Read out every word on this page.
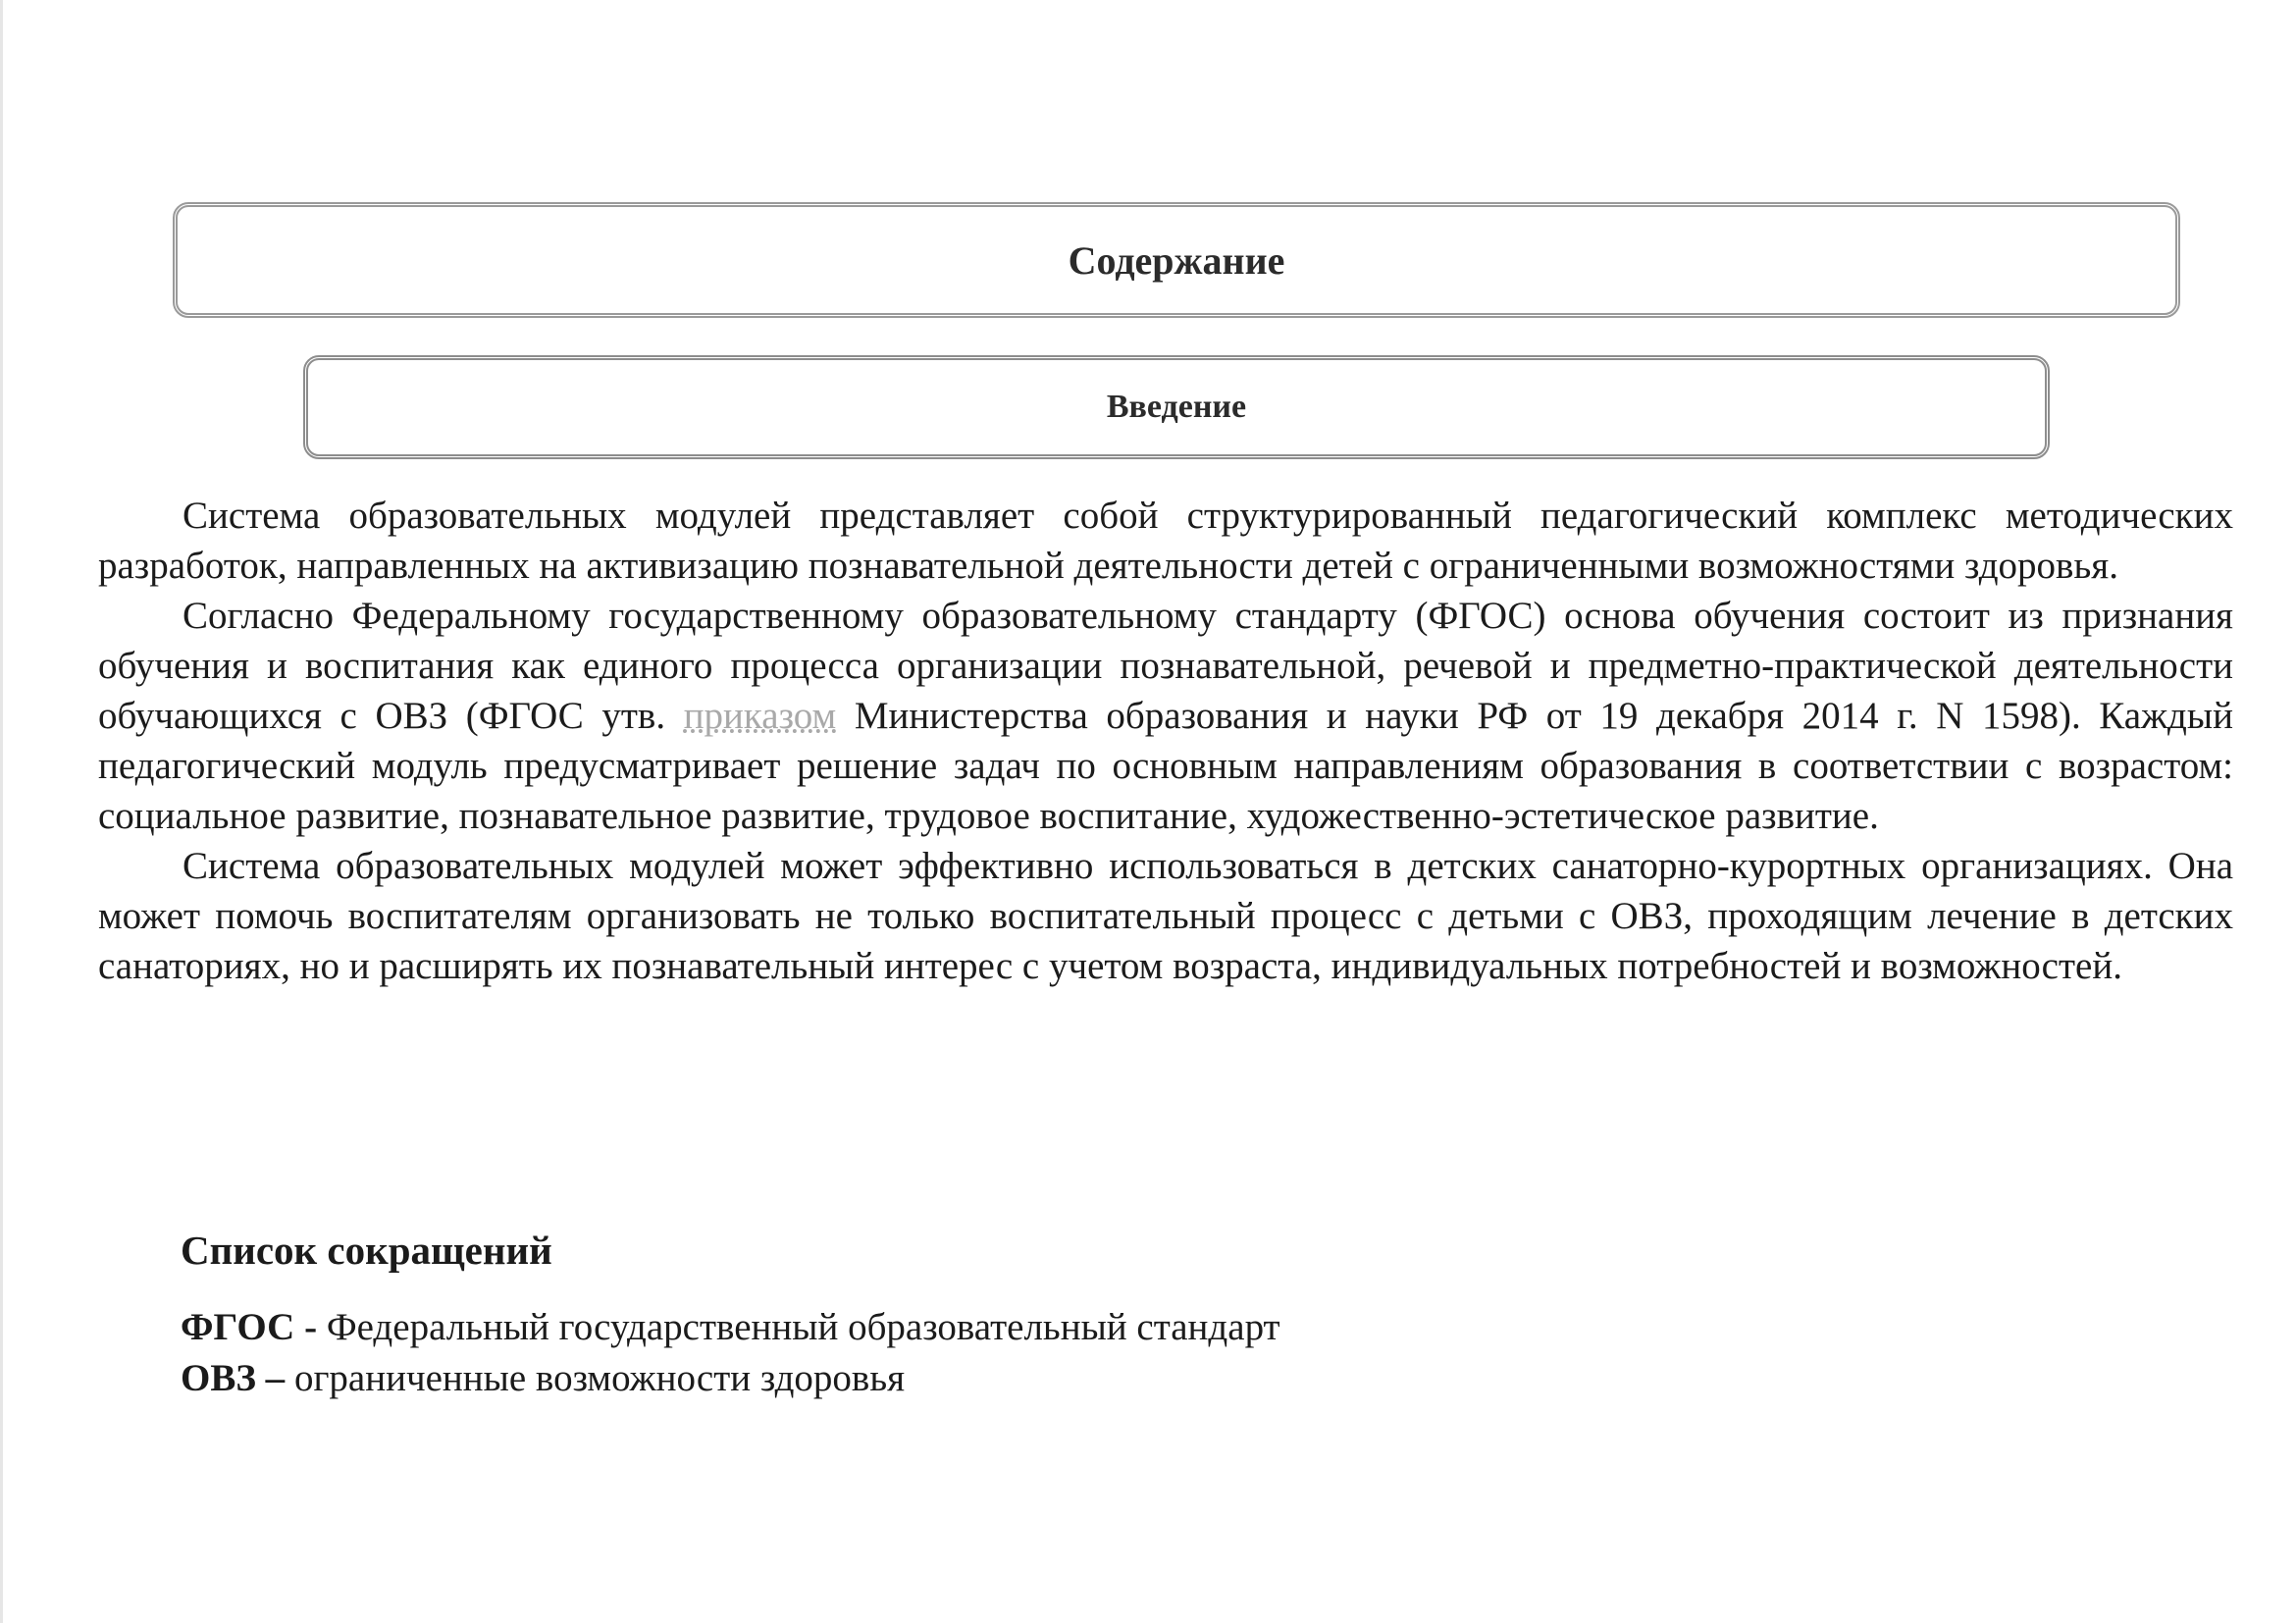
Содержание
Введение

Система образовательных модулей представляет собой структурированный педагогический комплекс методических разработок, направленных на активизацию познавательной деятельности детей с ограниченными возможностями здоровья.

Согласно Федеральному государственному образовательному стандарту (ФГОС) основа обучения состоит из признания обучения и воспитания как единого процесса организации познавательной, речевой и предметно-практической деятельности обучающихся с ОВЗ (ФГОС утв. приказом Министерства образования и науки РФ от 19 декабря 2014 г. N 1598). Каждый педагогический модуль предусматривает решение задач по основным направлениям образования в соответствии с возрастом: социальное развитие, познавательное развитие, трудовое воспитание, художественно-эстетическое развитие.

Система образовательных модулей может эффективно использоваться в детских санаторно-курортных организациях. Она может помочь воспитателям организовать не только воспитательный процесс с детьми с ОВЗ, проходящим лечение в детских санаториях, но и расширять их познавательный интерес с учетом возраста, индивидуальных потребностей и возможностей.

Список сокращений

ФГОС - Федеральный государственный образовательный стандарт

ОВЗ – ограниченные возможности здоровья
